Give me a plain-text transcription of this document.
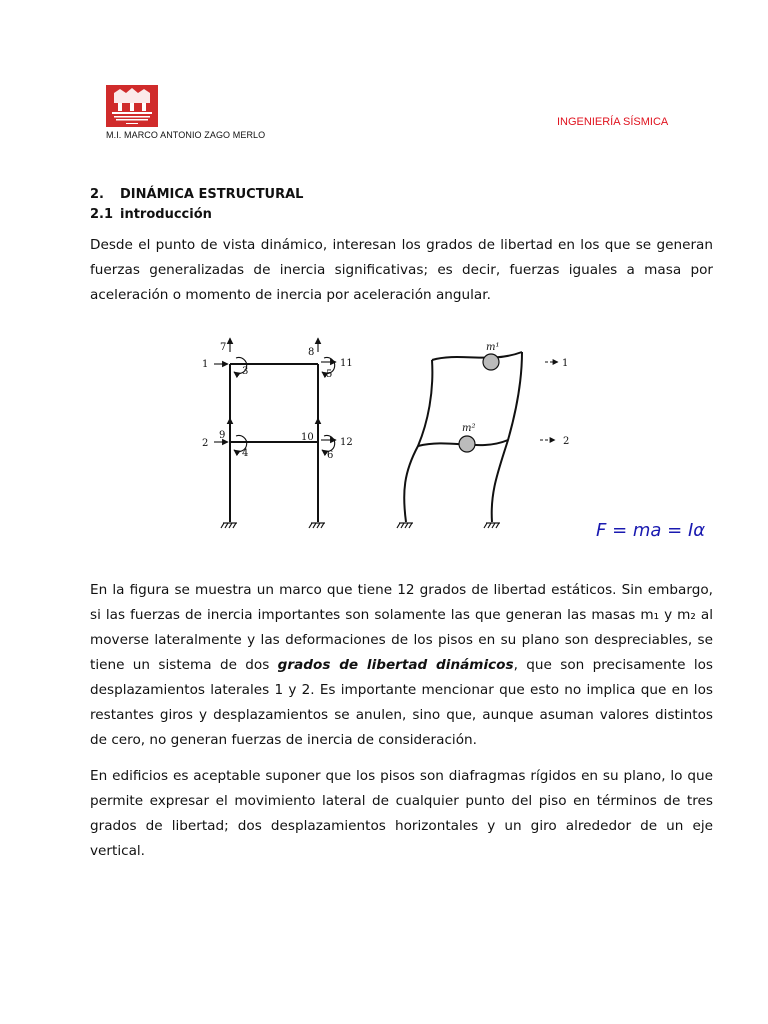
M.I. MARCO ANTONIO ZAGO MERLO
INGENIERÍA SÍSMICA
2. DINÁMICA ESTRUCTURAL
2.1 introducción
Desde el punto de vista dinámico, interesan los grados de libertad en los que se generan fuerzas generalizadas de inercia significativas; es decir, fuerzas iguales a masa por aceleración o momento de inercia por aceleración angular.
1
2
3
4
5
6
7	8
9	10
11
12
m¹
m²
1
2
F = ma = Iα
En la figura se muestra un marco que tiene 12 grados de libertad estáticos. Sin embargo, si las fuerzas de inercia importantes son solamente las que generan las masas m₁ y m₂ al moverse lateralmente y las deformaciones de los pisos en su plano son despreciables, se tiene un sistema de dos grados de libertad dinámicos, que son precisamente los desplazamientos laterales 1 y 2. Es importante mencionar que esto no implica que en los restantes giros y desplazamientos se anulen, sino que, aunque asuman valores distintos de cero, no generan fuerzas de inercia de consideración.
En edificios es aceptable suponer que los pisos son diafragmas rígidos en su plano, lo que permite expresar el movimiento lateral de cualquier punto del piso en términos de tres grados de libertad; dos desplazamientos horizontales y un giro alrededor de un eje vertical.
